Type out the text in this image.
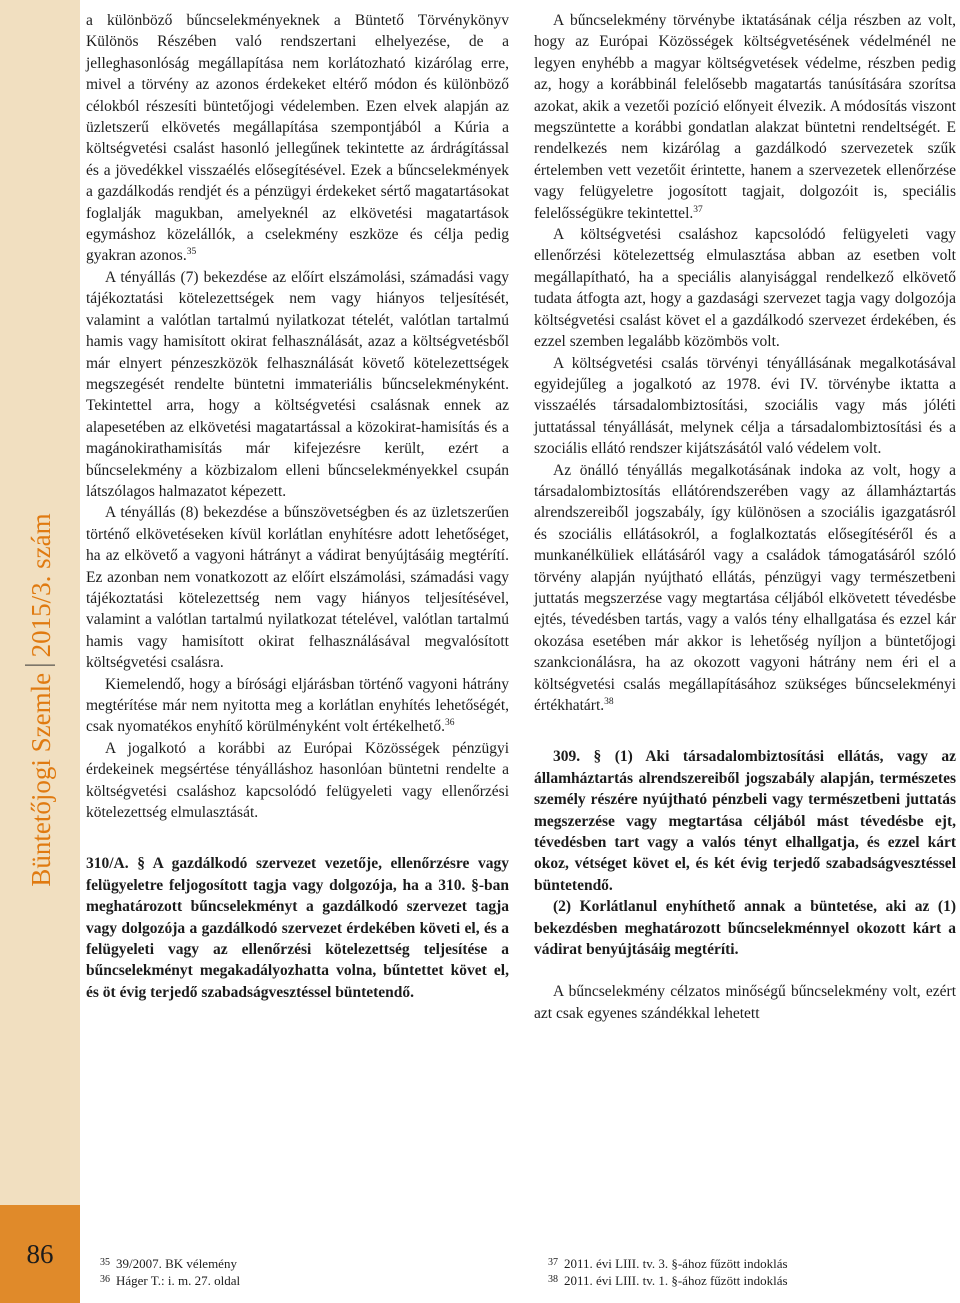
Büntetőjogi Szemle2015/3. szám
86

a különböző bűncselekményeknek a Büntető Törvénykönyv Különös Részében való rendszertani elhelyezése, de a jelleghasonlóság megállapítása nem korlátozható kizárólag erre, mivel a törvény az azonos érdekeket eltérő módon és különböző célokból részesíti büntetőjogi védelemben. Ezen elvek alapján az üzletszerű elkövetés megállapítása szempontjából a Kúria a költségvetési csalást hasonló jellegűnek tekintette az árdrágítással és a jövedékkel visszaélés elősegítésével. Ezek a bűncselekmények a gazdálkodás rendjét és a pénzügyi érdekeket sértő magatartásokat foglalják magukban, amelyeknél az elkövetési magatartások egymáshoz közelállók, a cselekmény eszköze és célja pedig gyakran azonos.$^{35}$

A tényállás (7) bekezdése az előírt elszámolási, számadási vagy tájékoztatási kötelezettségek nem vagy hiányos teljesítését, valamint a valótlan tartalmú nyilatkozat tételét, valótlan tartalmú hamis vagy hamisított okirat felhasználását, azaz a költségvetésből már elnyert pénzeszközök felhasználását követő kötelezettségek megszegését rendelte büntetni immateriális bűncselekményként. Tekintettel arra, hogy a költségvetési csalásnak ennek az alapesetében az elkövetési magatartással a közokirat-hamisítás és a magánokirathamisítás már kifejezésre került, ezért a bűncselekmény a közbizalom elleni bűncselekményekkel csupán látszólagos halmazatot képezett.

A tényállás (8) bekezdése a bűnszövetségben és az üzletszerűen történő elkövetéseken kívül korlátlan enyhítésre adott lehetőséget, ha az elkövető a vagyoni hátrányt a vádirat benyújtásáig megtérítí. Ez azonban nem vonatkozott az előírt elszámolási, számadási vagy tájékoztatási kötelezettség nem vagy hiányos teljesítésével, valamint a valótlan tartalmú nyilatkozat tételével, valótlan tartalmú hamis vagy hamisított okirat felhasználásával megvalósított költségvetési csalásra.

Kiemelendő, hogy a bírósági eljárásban történő vagyoni hátrány megtérítése már nem nyitotta meg a korlátlan enyhítés lehetőségét, csak nyomatékos enyhítő körülményként volt értékelhető.$^{36}$

A jogalkotó a korábbi az Európai Közösségek pénzügyi érdekeinek megsértése tényálláshoz hasonlóan büntetni rendelte a költségvetési csaláshoz kapcsolódó felügyeleti vagy ellenőrzési kötelezettség elmulasztását.

310/A. § A gazdálkodó szervezet vezetője, ellenőrzésre vagy felügyeletre feljogosított tagja vagy dolgozója, ha a 310. §-ban meghatározott bűncselekményt a gazdálkodó szervezet tagja vagy dolgozója a gazdálkodó szervezet érdekében követi el, és a felügyeleti vagy az ellenőrzési kötelezettség teljesítése a bűncselekményt megakadályozhatta volna, bűntettet követ el, és öt évig terjedő szabadságvesztéssel büntetendő.

A bűncselekmény törvénybe iktatásának célja részben az volt, hogy az Európai Közösségek költségvetésének védelménél ne legyen enyhébb a magyar költségvetések védelme, részben pedig az, hogy a korábbinál felelősebb magatartás tanúsítására szorítsa azokat, akik a vezetői pozíció előnyeit élvezik. A módosítás viszont megszüntette a korábbi gondatlan alakzat büntetni rendeltségét. E rendelkezés nem kizárólag a gazdálkodó szervezetek szűk értelemben vett vezetőit érintette, hanem a szervezetek ellenőrzése vagy felügyeletre jogosított tagjait, dolgozóit is, speciális felelősségükre tekintettel.$^{37}$

A költségvetési csaláshoz kapcsolódó felügyeleti vagy ellenőrzési kötelezettség elmulasztása abban az esetben volt megállapítható, ha a speciális alanyisággal rendelkező elkövető tudata átfogta azt, hogy a gazdasági szervezet tagja vagy dolgozója költségvetési csalást követ el a gazdálkodó szervezet érdekében, és ezzel szemben legalább közömbös volt.

A költségvetési csalás törvényi tényállásának megalkotásával egyidejűleg a jogalkotó az 1978. évi IV. törvénybe iktatta a visszaélés társadalombiztosítási, szociális vagy más jóléti juttatással tényállását, melynek célja a társadalombiztosítási és a szociális ellátó rendszer kijátszásától való védelem volt.

Az önálló tényállás megalkotásának indoka az volt, hogy a társadalombiztosítás ellátórendszerében vagy az államháztartás alrendszereiből jogszabály, így különösen a szociális igazgatásról és szociális ellátásokról, a foglalkoztatás elősegítéséről és a munkanélküliek ellátásáról vagy a családok támogatásáról szóló törvény alapján nyújtható ellátás, pénzügyi vagy természetbeni juttatás megszerzése vagy megtartása céljából elkövetett tévedésbe ejtés, tévedésben tartás, vagy a valós tény elhallgatása és ezzel kár okozása esetében már akkor is lehetőség nyíljon a büntetőjogi szankcionálásra, ha az okozott vagyoni hátrány nem éri el a költségvetési csalás megállapításához szükséges bűncselekményi értékhatárt.$^{38}$

309. § (1) Aki társadalombiztosítási ellátás, vagy az államháztartás alrendszereiből jogszabály alapján, természetes személy részére nyújtható pénzbeli vagy természetbeni juttatás megszerzése vagy megtartása céljából mást tévedésbe ejt, tévedésben tart vagy a valós tényt elhallgatja, és ezzel kárt okoz, vétséget követ el, és két évig terjedő szabadságvesztéssel büntetendő.

(2) Korlátlanul enyhíthető annak a büntetése, aki az (1) bekezdésben meghatározott bűncselekménnyel okozott kárt a vádirat benyújtásáig megtéríti.

A bűncselekmény célzatos minőségű bűncselekmény volt, ezért azt csak egyenes szándékkal lehetett

35 39/2007. BK vélemény
36 Háger T.: i. m. 27. oldal
37 2011. évi LIII. tv. 3. §-ához fűzött indoklás
38 2011. évi LIII. tv. 1. §-ához fűzött indoklás
